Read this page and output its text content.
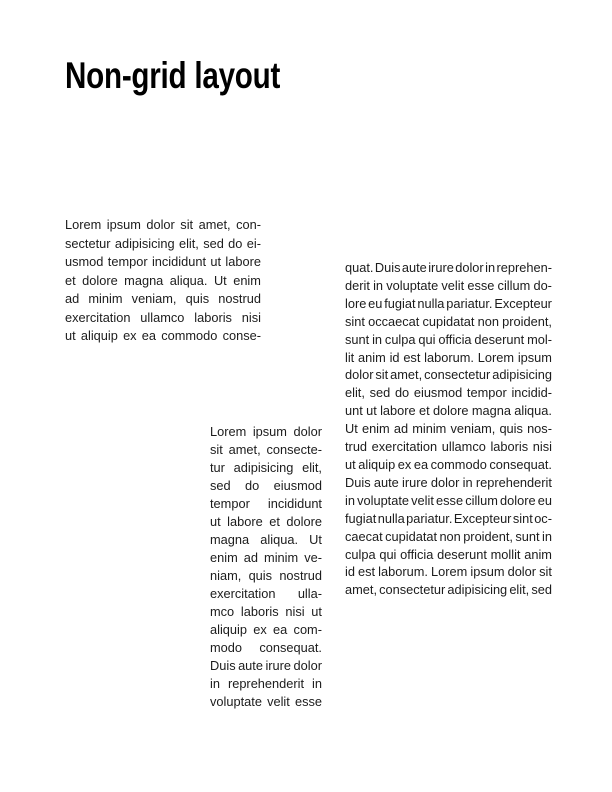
Non-grid layout
Lorem ipsum dolor sit amet, con-
sectetur adipisicing elit, sed do ei-
usmod tempor incididunt ut labore
et dolore magna aliqua. Ut enim
ad minim veniam, quis nostrud
exercitation ullamco laboris nisi
ut aliquip ex ea commodo conse-
Lorem ipsum dolor
sit amet, consecte-
tur adipisicing elit,
sed do eiusmod
tempor incididunt
ut labore et dolore
magna aliqua. Ut
enim ad minim ve-
niam, quis nostrud
exercitation ulla-
mco laboris nisi ut
aliquip ex ea com-
modo consequat.
Duis aute irure dolor
in reprehenderit in
voluptate velit esse
quat. Duis aute irure dolor in reprehen-
derit in voluptate velit esse cillum do-
lore eu fugiat nulla pariatur. Excepteur
sint occaecat cupidatat non proident,
sunt in culpa qui officia deserunt mol-
lit anim id est laborum. Lorem ipsum
dolor sit amet, consectetur adipisicing
elit, sed do eiusmod tempor incidid-
unt ut labore et dolore magna aliqua.
Ut enim ad minim veniam, quis nos-
trud exercitation ullamco laboris nisi
ut aliquip ex ea commodo consequat.
Duis aute irure dolor in reprehenderit
in voluptate velit esse cillum dolore eu
fugiat nulla pariatur. Excepteur sint oc-
caecat cupidatat non proident, sunt in
culpa qui officia deserunt mollit anim
id est laborum. Lorem ipsum dolor sit
amet, consectetur adipisicing elit, sed
